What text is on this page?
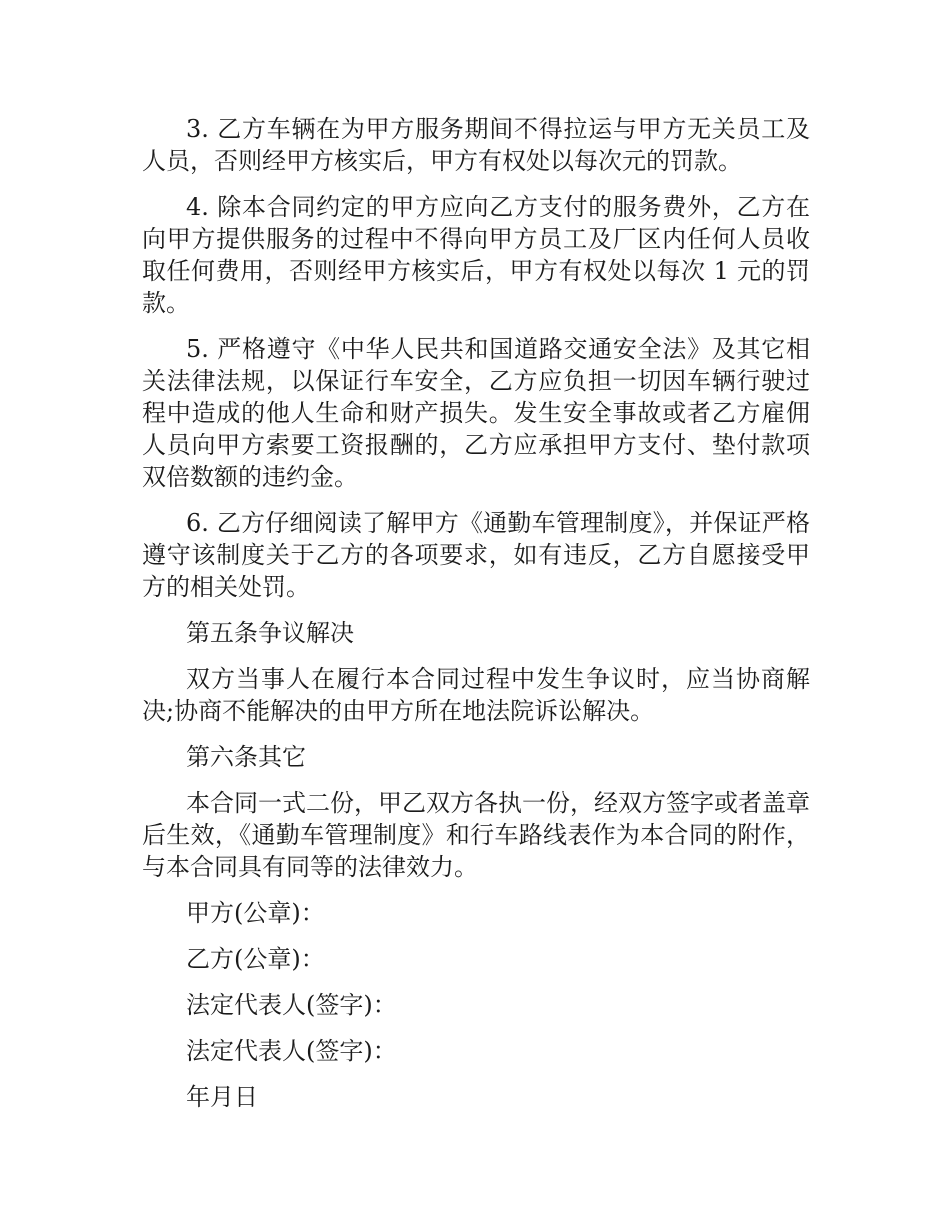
3. 乙方车辆在为甲方服务期间不得拉运与甲方无关员工及人员，否则经甲方核实后，甲方有权处以每次元的罚款。

4. 除本合同约定的甲方应向乙方支付的服务费外，乙方在向甲方提供服务的过程中不得向甲方员工及厂区内任何人员收取任何费用，否则经甲方核实后，甲方有权处以每次 1 元的罚款。

5. 严格遵守《中华人民共和国道路交通安全法》及其它相关法律法规，以保证行车安全，乙方应负担一切因车辆行驶过程中造成的他人生命和财产损失。发生安全事故或者乙方雇佣人员向甲方索要工资报酬的，乙方应承担甲方支付、垫付款项双倍数额的违约金。

6. 乙方仔细阅读了解甲方《通勤车管理制度》，并保证严格遵守该制度关于乙方的各项要求，如有违反，乙方自愿接受甲方的相关处罚。

第五条争议解决

双方当事人在履行本合同过程中发生争议时，应当协商解决;协商不能解决的由甲方所在地法院诉讼解决。

第六条其它

本合同一式二份，甲乙双方各执一份，经双方签字或者盖章后生效，《通勤车管理制度》和行车路线表作为本合同的附作，与本合同具有同等的法律效力。

甲方(公章)：

乙方(公章)：

法定代表人(签字)：

法定代表人(签字)：

年月日
